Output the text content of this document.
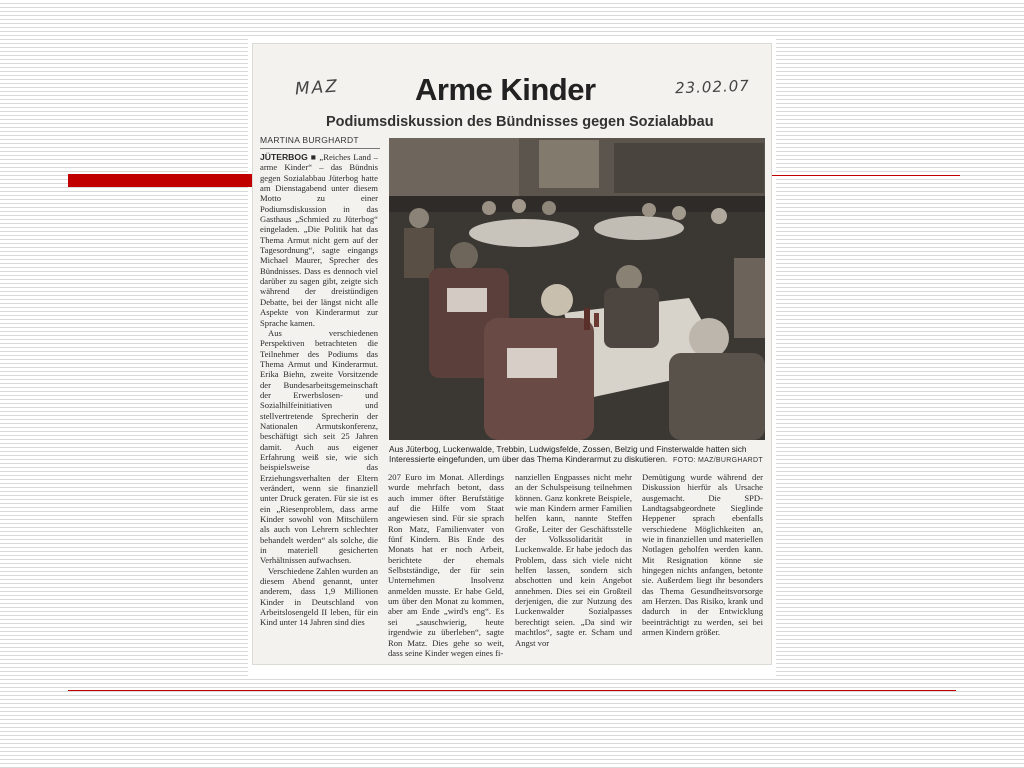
MAZ	23.02.07
Arme Kinder
Podiumsdiskussion des Bündnisses gegen Sozialabbau
MARTINA BURGHARDT

JÜTERBOG ■ „Reiches Land – arme Kinder“ – das Bündnis gegen Sozialabbau Jüterbog hatte am Dienstagabend unter diesem Motto zu einer Podiumsdiskussion in das Gasthaus „Schmied zu Jüterbog“ eingeladen. „Die Politik hat das Thema Armut nicht gern auf der Tagesordnung“, sagte eingangs Michael Maurer, Sprecher des Bündnisses. Dass es dennoch viel darüber zu sagen gibt, zeigte sich während der dreistündigen Debatte, bei der längst nicht alle Aspekte von Kinderarmut zur Sprache kamen.

Aus verschiedenen Perspektiven betrachteten die Teilnehmer des Podiums das Thema Armut und Kinderarmut. Erika Biehn, zweite Vorsitzende der Bundesarbeitsgemeinschaft der Erwerbslosen- und Sozialhilfeinitiativen und stellvertretende Sprecherin der Nationalen Armutskonferenz, beschäftigt sich seit 25 Jahren damit. Auch aus eigener Erfahrung weiß sie, wie sich beispielsweise das Erziehungsverhalten der Eltern verändert, wenn sie finanziell unter Druck geraten. Für sie ist es ein „Riesenproblem, dass arme Kinder sowohl von Mitschülern als auch von Lehrern schlechter behandelt werden“ als solche, die in materiell gesicherten Verhältnissen aufwachsen.

Verschiedene Zahlen wurden an diesem Abend genannt, unter anderem, dass 1,9 Millionen Kinder in Deutschland von Arbeitslosengeld II leben, für ein Kind unter 14 Jahren sind dies

Aus Jüterbog, Luckenwalde, Trebbin, Ludwigsfelde, Zossen, Belzig und Finsterwalde hatten sich Interessierte eingefunden, um über das Thema Kinderarmut zu diskutieren. FOTO: MAZ/BURGHARDT
207 Euro im Monat. Allerdings wurde mehrfach betont, dass auch immer öfter Berufstätige auf die Hilfe vom Staat angewiesen sind. Für sie sprach Ron Matz, Familienvater von fünf Kindern. Bis Ende des Monats hat er noch Arbeit, berichtete der ehemals Selbstständige, der für sein Unternehmen Insolvenz anmelden musste. Er habe Geld, um über den Monat zu kommen, aber am Ende „wird's eng“. Es sei „sauschwierig, heute irgendwie zu überleben“, sagte Ron Matz. Dies gehe so weit, dass seine Kinder wegen eines fi-
nanziellen Engpasses nicht mehr an der Schulspeisung teilnehmen können. Ganz konkrete Beispiele, wie man Kindern armer Familien helfen kann, nannte Steffen Große, Leiter der Geschäftsstelle der Volkssolidarität in Luckenwalde. Er habe jedoch das Problem, dass sich viele nicht helfen lassen, sondern sich abschotten und kein Angebot annehmen. Dies sei ein Großteil derjenigen, die zur Nutzung des Luckenwalder Sozialpasses berechtigt seien. „Da sind wir machtlos“, sagte er. Scham und Angst vor
Demütigung wurde während der Diskussion hierfür als Ursache ausgemacht. Die SPD-Landtagsabgeordnete Sieglinde Heppener sprach ebenfalls verschiedene Möglichkeiten an, wie in finanziellen und materiellen Notlagen geholfen werden kann. Mit Resignation könne sie hingegen nichts anfangen, betonte sie. Außerdem liegt ihr besonders das Thema Gesundheitsvorsorge am Herzen. Das Risiko, krank und dadurch in der Entwicklung beeinträchtigt zu werden, sei bei armen Kindern größer.
